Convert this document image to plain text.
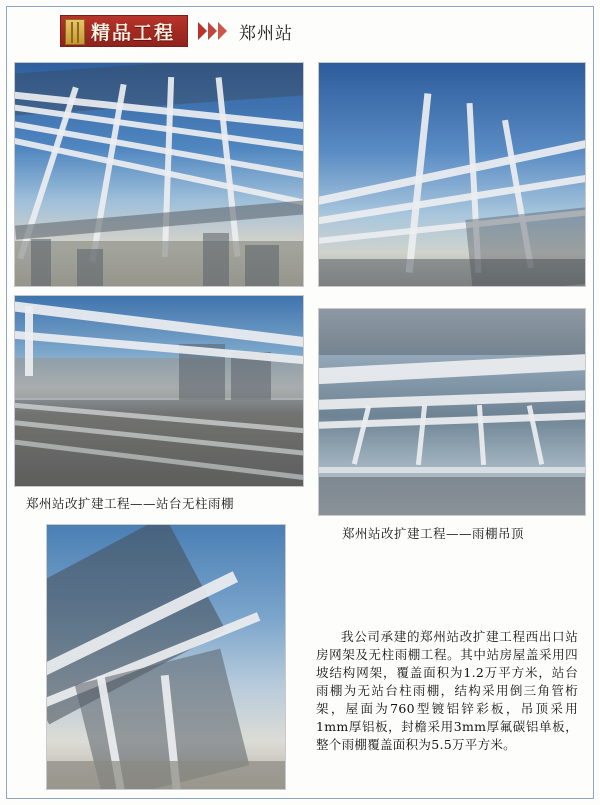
精品工程	郑州站
郑州站改扩建工程——站台无柱雨棚
郑州站改扩建工程——雨棚吊顶
我公司承建的郑州站改扩建工程西出口站房网架及无柱雨棚工程。其中站房屋盖采用四坡结构网架，覆盖面积为1.2万平方米，站台雨棚为无站台柱雨棚，结构采用倒三角管桁架，屋面为760型镀铝锌彩板，吊顶采用1mm厚铝板，封檐采用3mm厚氟碳铝单板，整个雨棚覆盖面积为5.5万平方米。
